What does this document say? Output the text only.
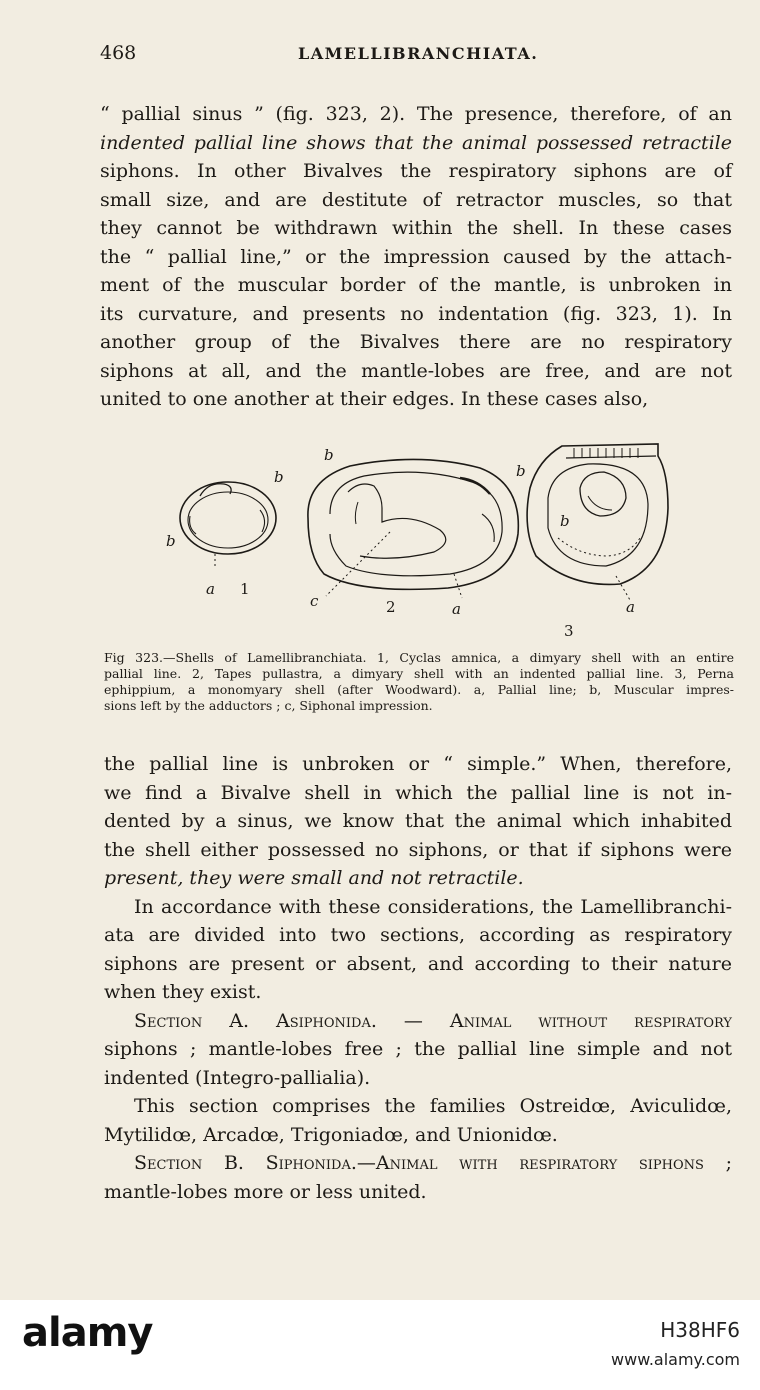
468	LAMELLIBRANCHIATA.
“ pallial sinus ” (fig. 323, 2). The presence, therefore, of an
indented pallial line shows that the animal possessed retractile
siphons. In other Bivalves the respiratory siphons are of
small size, and are destitute of retractor muscles, so that
they cannot be withdrawn within the shell. In these cases
the “ pallial line,” or the impression caused by the attach-
ment of the muscular border of the mantle, is unbroken in
its curvature, and presents no indentation (fig. 323, 1). In
another group of the Bivalves there are no respiratory
siphons at all, and the mantle-lobes are free, and are not
united to one another at their edges. In these cases also,
a
b
b
b
b
c	a
b
a
1
2
3
Fig 323.—Shells of Lamellibranchiata. 1, Cyclas amnica, a dimyary shell with an entire
pallial line. 2, Tapes pullastra, a dimyary shell with an indented pallial line. 3, Perna
ephippium, a monomyary shell (after Woodward). a, Pallial line; b, Muscular impres-
sions left by the adductors ; c, Siphonal impression.
the pallial line is unbroken or “ simple.” When, therefore,
we find a Bivalve shell in which the pallial line is not in-
dented by a sinus, we know that the animal which inhabited
the shell either possessed no siphons, or that if siphons were
present, they were small and not retractile.
In accordance with these considerations, the Lamellibranchi-
ata are divided into two sections, according as respiratory
siphons are present or absent, and according to their nature
when they exist.
Section A. Asiphonida. — Animal without respiratory
siphons ; mantle-lobes free ; the pallial line simple and not
indented (Integro-pallialia).
This section comprises the families Ostreidœ, Aviculidœ,
Mytilidœ, Arcadœ, Trigoniadœ, and Unionidœ.
Section B. Siphonida.—Animal with respiratory siphons ;
mantle-lobes more or less united.
alamy	H38HF6
www.alamy.com
